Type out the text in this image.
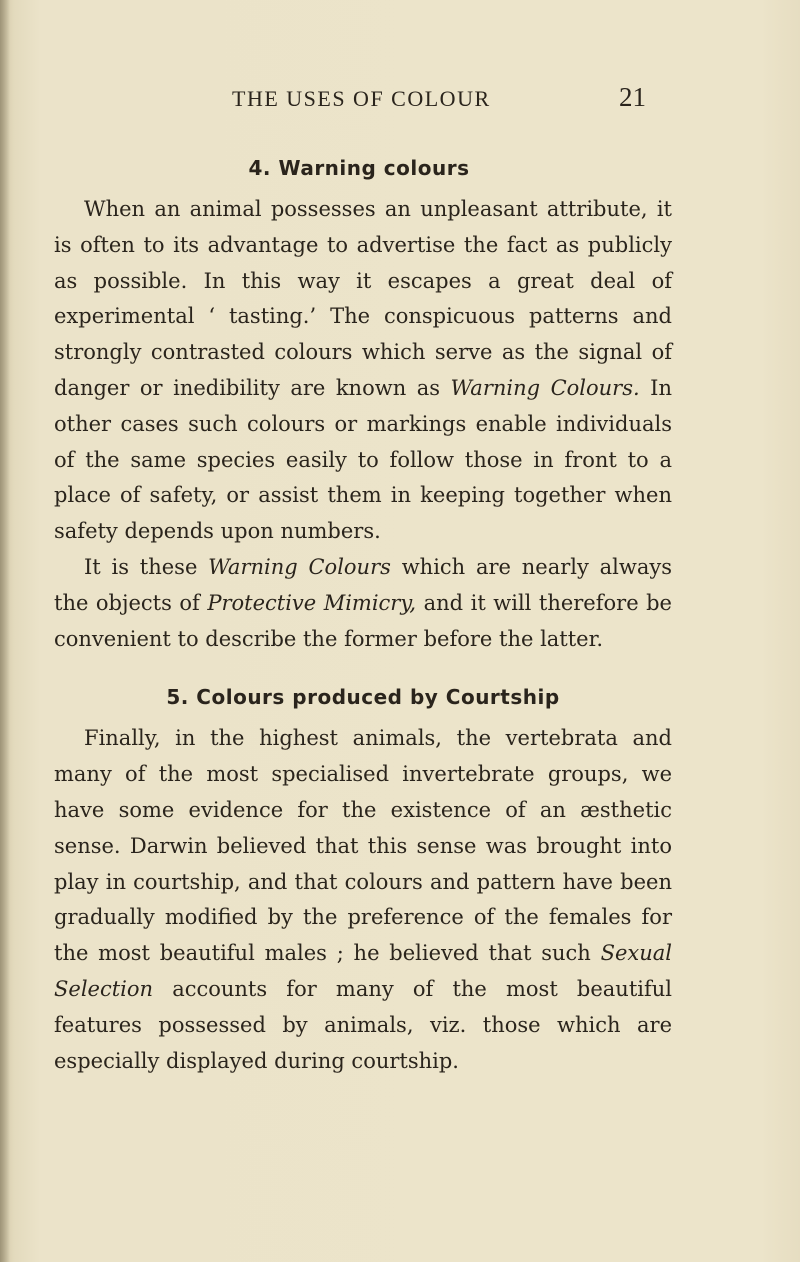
THE USES OF COLOUR	21
4. Warning colours

When an animal possesses an unpleasant attribute, it is often to its advantage to advertise the fact as publicly as possible. In this way it escapes a great deal of experimental ‘ tasting.’ The conspicuous patterns and strongly contrasted colours which serve as the signal of danger or inedibility are known as Warning Colours. In other cases such colours or markings enable individuals of the same species easily to follow those in front to a place of safety, or assist them in keeping together when safety depends upon numbers.

It is these Warning Colours which are nearly always the objects of Protective Mimicry, and it will therefore be convenient to describe the former before the latter.

5. Colours produced by Courtship

Finally, in the highest animals, the vertebrata and many of the most specialised invertebrate groups, we have some evidence for the existence of an æsthetic sense. Darwin believed that this sense was brought into play in courtship, and that colours and pattern have been gradually modified by the preference of the females for the most beautiful males ; he believed that such Sexual Selection accounts for many of the most beautiful features possessed by animals, viz. those which are especially displayed during courtship.
